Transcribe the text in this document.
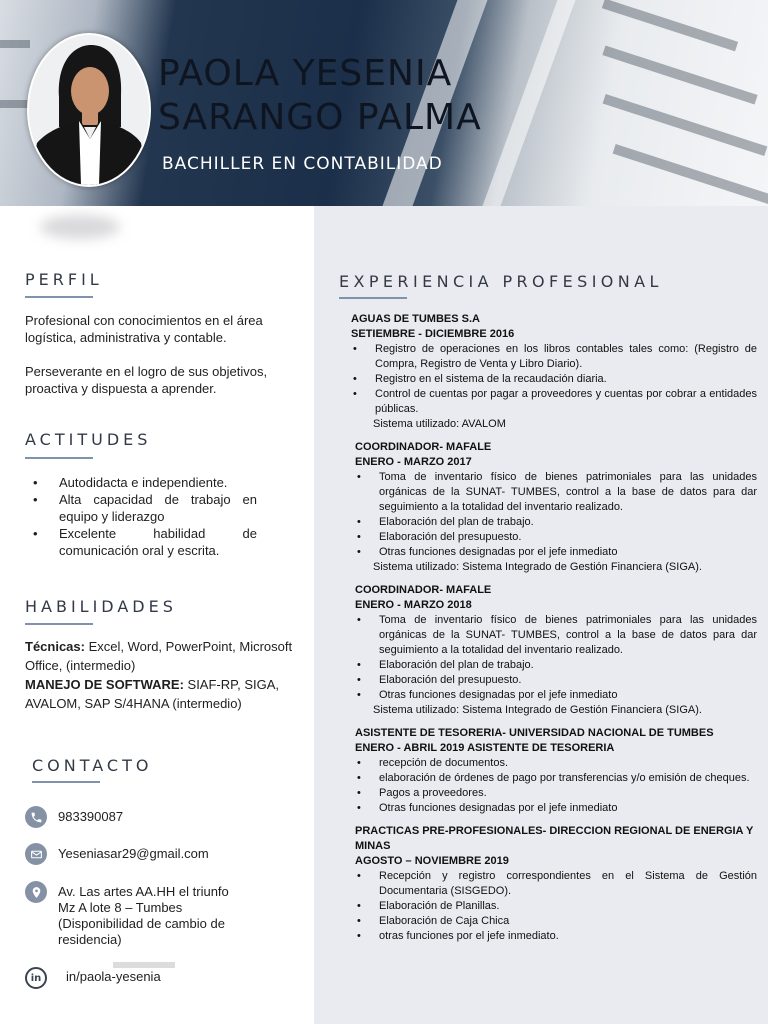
PAOLA YESENIA
SARANGO PALMA
BACHILLER EN CONTABILIDAD
PERFIL

Profesional con conocimientos en el área logística, administrativa y contable.

Perseverante en el logro de sus objetivos, proactiva y dispuesta a aprender.

ACTITUDES
• Autodidacta e independiente.
• Alta capacidad de trabajo en equipo y liderazgo
• Excelente habilidad de comunicación oral y escrita.
HABILIDADES

Técnicas: Excel, Word, PowerPoint, Microsoft Office, (intermedio)

MANEJO DE SOFTWARE: SIAF-RP, SIGA, AVALOM, SAP S/4HANA (intermedio)

CONTACTO
983390087
Yeseniasar29@gmail.com
Av. Las artes AA.HH el triunfo
Mz A lote 8 – Tumbes
(Disponibilidad de cambio de residencia)
in in/paola-yesenia
EXPERIENCIA PROFESIONAL
AGUAS DE TUMBES S.A
SETIEMBRE - DICIEMBRE 2016
• Registro de operaciones en los libros contables tales como: (Registro de Compra, Registro de Venta y Libro Diario).
• Registro en el sistema de la recaudación diaria.
• Control de cuentas por pagar a proveedores y cuentas por cobrar a entidades públicas.
Sistema utilizado: AVALOM
COORDINADOR- MAFALE
ENERO - MARZO 2017
• Toma de inventario físico de bienes patrimoniales para las unidades orgánicas de la SUNAT- TUMBES, control a la base de datos para dar seguimiento a la totalidad del inventario realizado.
• Elaboración del plan de trabajo.
• Elaboración del presupuesto.
• Otras funciones designadas por el jefe inmediato
Sistema utilizado: Sistema Integrado de Gestión Financiera (SIGA).
COORDINADOR- MAFALE
ENERO - MARZO 2018
• Toma de inventario físico de bienes patrimoniales para las unidades orgánicas de la SUNAT- TUMBES, control a la base de datos para dar seguimiento a la totalidad del inventario realizado.
• Elaboración del plan de trabajo.
• Elaboración del presupuesto.
• Otras funciones designadas por el jefe inmediato
Sistema utilizado: Sistema Integrado de Gestión Financiera (SIGA).
ASISTENTE DE TESORERIA- UNIVERSIDAD NACIONAL DE TUMBES
ENERO - ABRIL 2019 ASISTENTE DE TESORERIA
• recepción de documentos.
• elaboración de órdenes de pago por transferencias y/o emisión de cheques.
• Pagos a proveedores.
• Otras funciones designadas por el jefe inmediato
PRACTICAS PRE-PROFESIONALES- DIRECCION REGIONAL DE ENERGIA Y MINAS
AGOSTO – NOVIEMBRE 2019
• Recepción y registro correspondientes en el Sistema de Gestión Documentaria (SISGEDO).
• Elaboración de Planillas.
• Elaboración de Caja Chica
• otras funciones por el jefe inmediato.
